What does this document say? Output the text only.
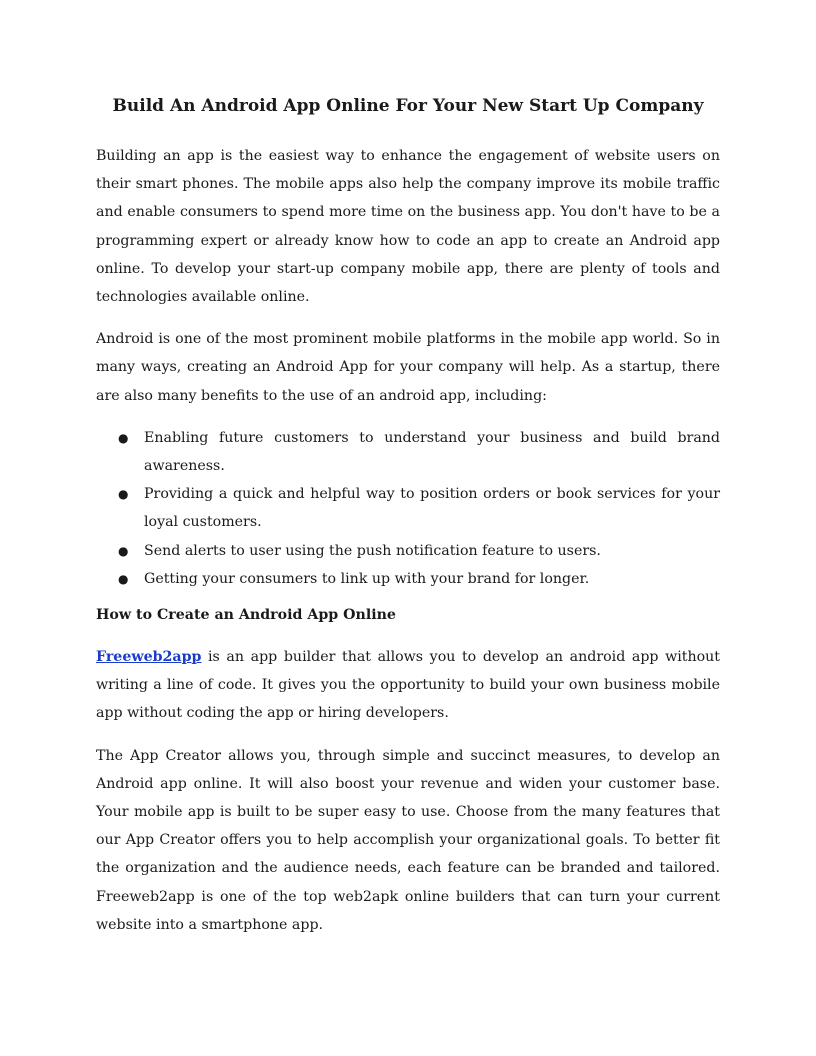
Build An Android App Online For Your New Start Up Company

Building an app is the easiest way to enhance the engagement of website users on their smart phones. The mobile apps also help the company improve its mobile traffic and enable consumers to spend more time on the business app. You don't have to be a programming expert or already know how to code an app to create an Android app online. To develop your start-up company mobile app, there are plenty of tools and technologies available online.

Android is one of the most prominent mobile platforms in the mobile app world. So in many ways, creating an Android App for your company will help. As a startup, there are also many benefits to the use of an android app, including:

● Enabling future customers to understand your business and build brand awareness.
● Providing a quick and helpful way to position orders or book services for your loyal customers.
● Send alerts to user using the push notification feature to users.
● Getting your consumers to link up with your brand for longer.
How to Create an Android App Online

Freeweb2app is an app builder that allows you to develop an android app without writing a line of code. It gives you the opportunity to build your own business mobile app without coding the app or hiring developers.

The App Creator allows you, through simple and succinct measures, to develop an Android app online. It will also boost your revenue and widen your customer base. Your mobile app is built to be super easy to use. Choose from the many features that our App Creator offers you to help accomplish your organizational goals. To better fit the organization and the audience needs, each feature can be branded and tailored. Freeweb2app is one of the top web2apk online builders that can turn your current website into a smartphone app.
